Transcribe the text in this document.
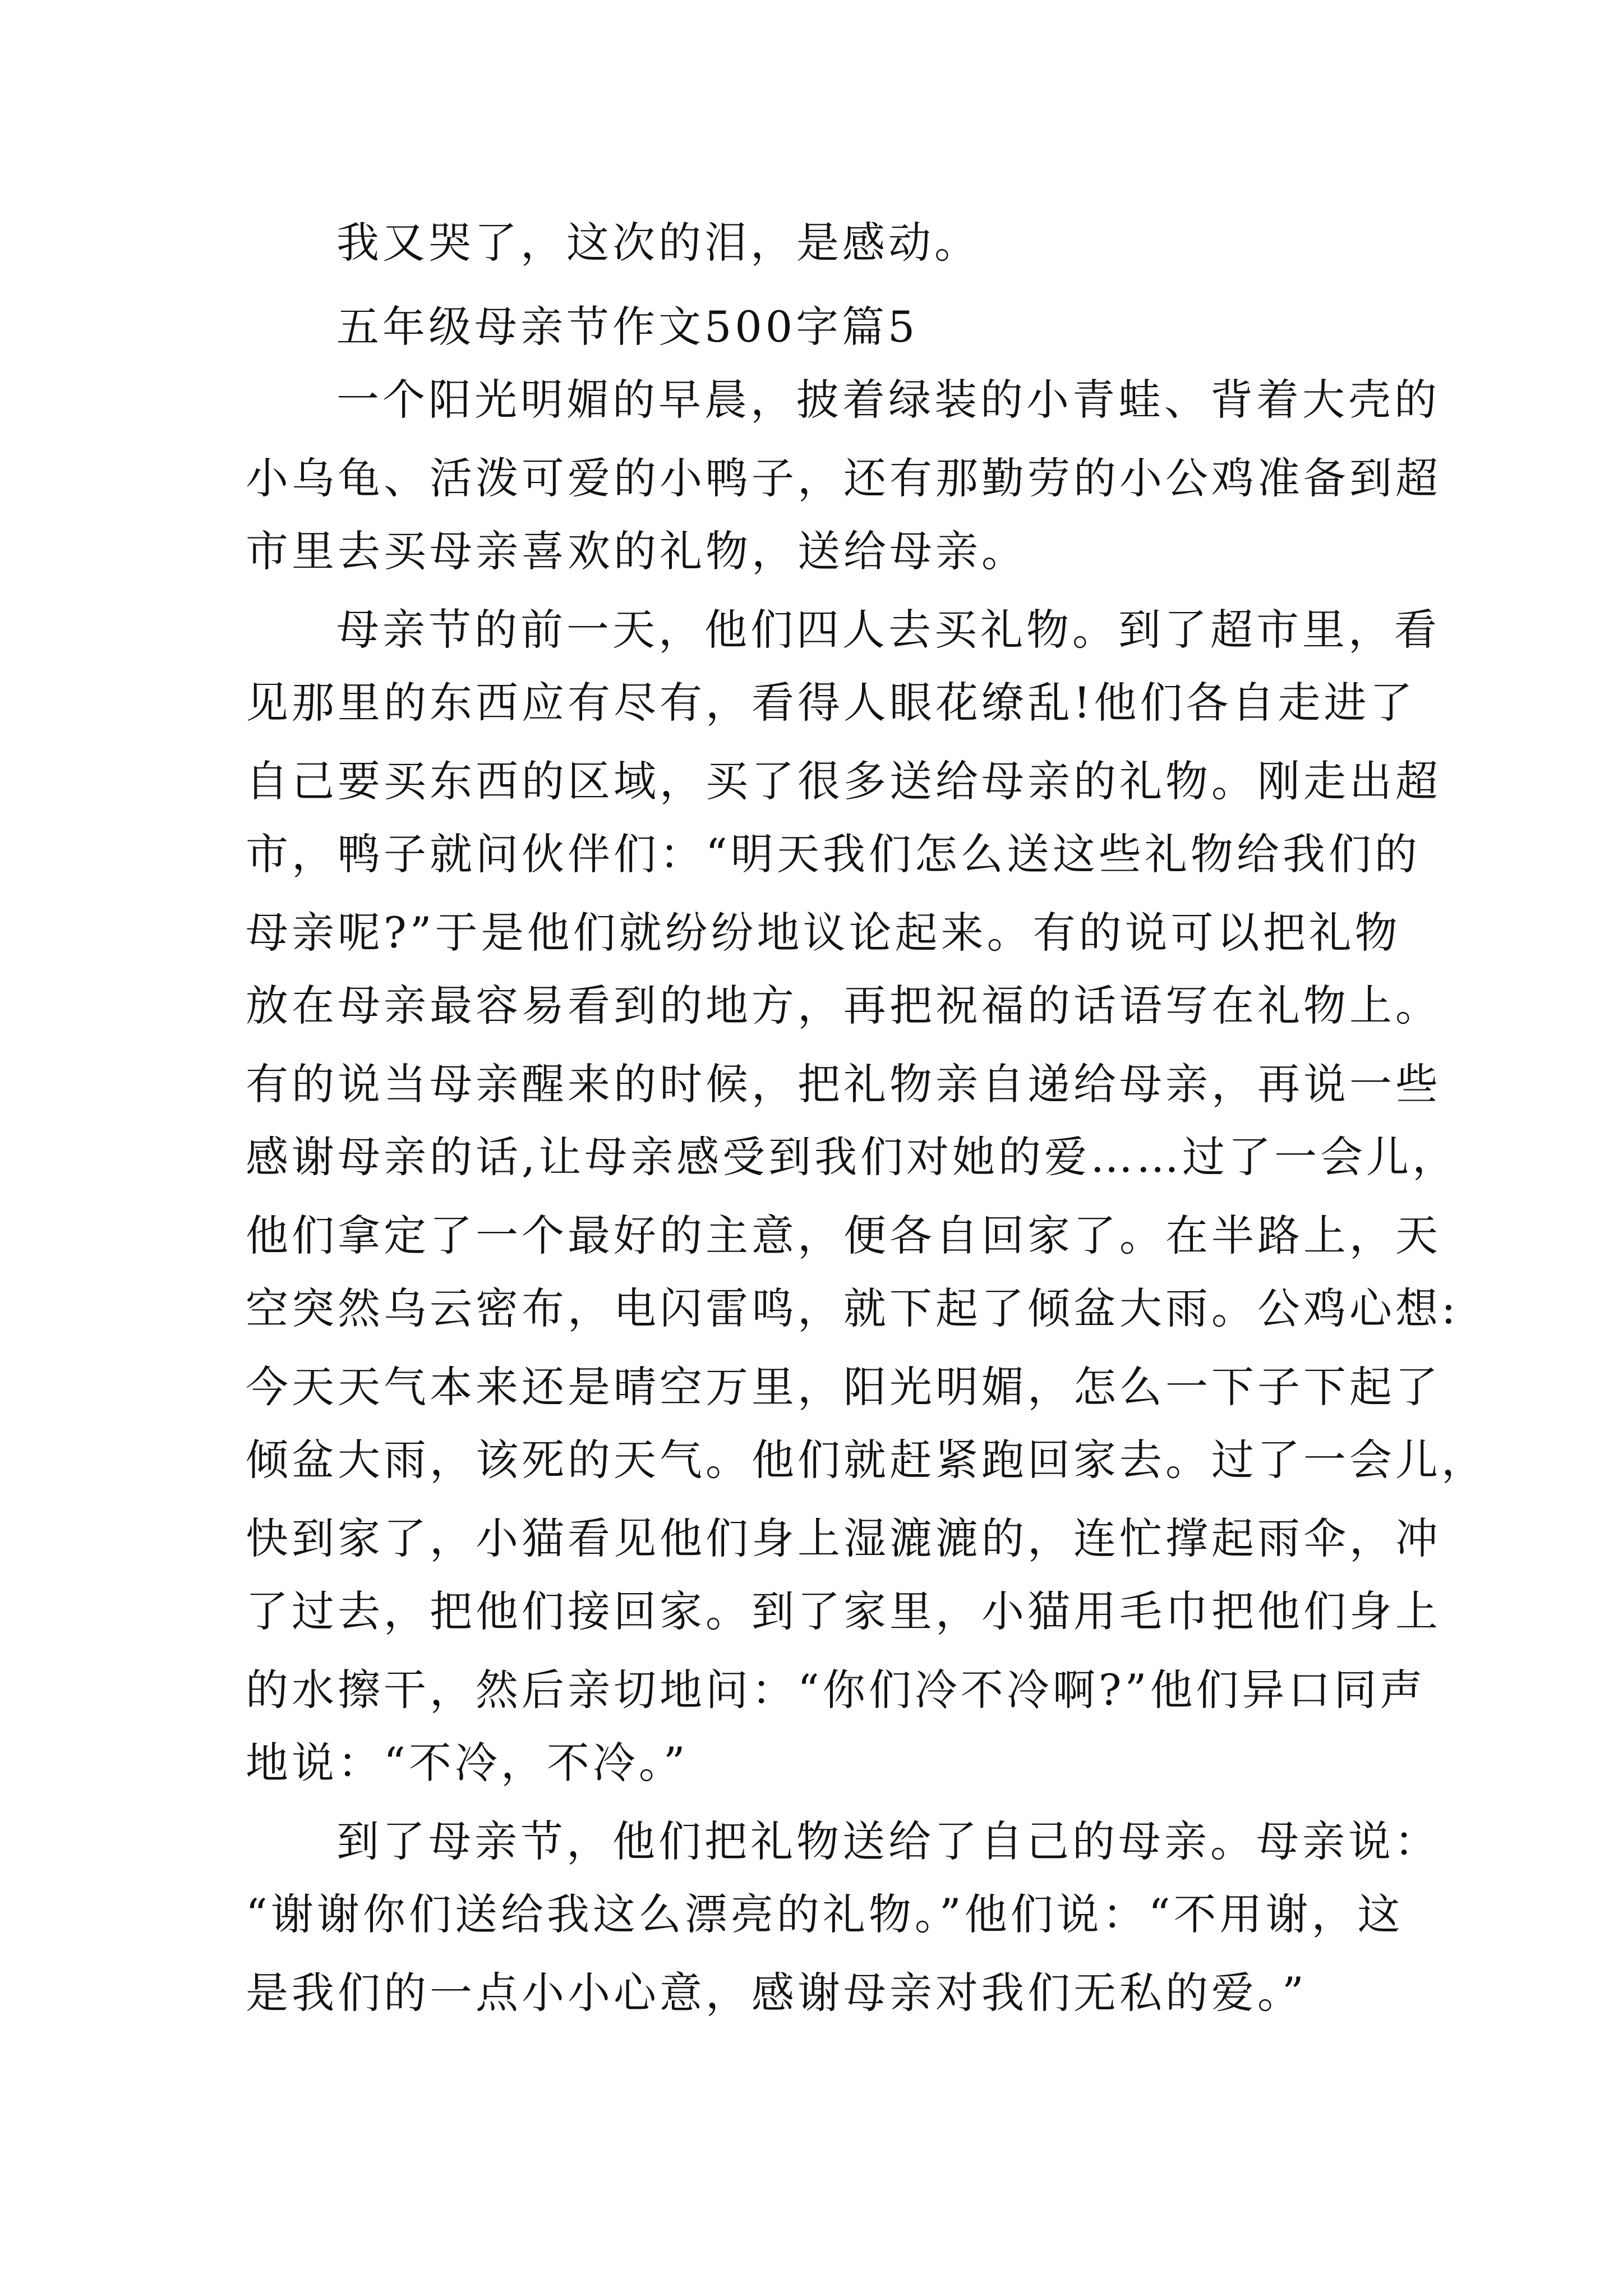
我又哭了，这次的泪，是感动。

五年级母亲节作文500字篇5

一个阳光明媚的早晨，披着绿装的小青蛙、背着大壳的

小乌龟、活泼可爱的小鸭子，还有那勤劳的小公鸡准备到超

市里去买母亲喜欢的礼物，送给母亲。

母亲节的前一天，他们四人去买礼物。到了超市里，看

见那里的东西应有尽有，看得人眼花缭乱!他们各自走进了

自己要买东西的区域，买了很多送给母亲的礼物。刚走出超

市，鸭子就问伙伴们：“明天我们怎么送这些礼物给我们的

母亲呢?”于是他们就纷纷地议论起来。有的说可以把礼物

放在母亲最容易看到的地方，再把祝福的话语写在礼物上。

有的说当母亲醒来的时候，把礼物亲自递给母亲，再说一些

感谢母亲的话,让母亲感受到我们对她的爱……过了一会儿，

他们拿定了一个最好的主意，便各自回家了。在半路上，天

空突然乌云密布，电闪雷鸣，就下起了倾盆大雨。公鸡心想:

今天天气本来还是晴空万里，阳光明媚，怎么一下子下起了

倾盆大雨，该死的天气。他们就赶紧跑回家去。过了一会儿，

快到家了，小猫看见他们身上湿漉漉的，连忙撑起雨伞，冲

了过去，把他们接回家。到了家里，小猫用毛巾把他们身上

的水擦干，然后亲切地问：“你们冷不冷啊?”他们异口同声

地说：“不冷，不冷。”

到了母亲节，他们把礼物送给了自己的母亲。母亲说：

“谢谢你们送给我这么漂亮的礼物。”他们说：“不用谢，这

是我们的一点小小心意，感谢母亲对我们无私的爱。”
